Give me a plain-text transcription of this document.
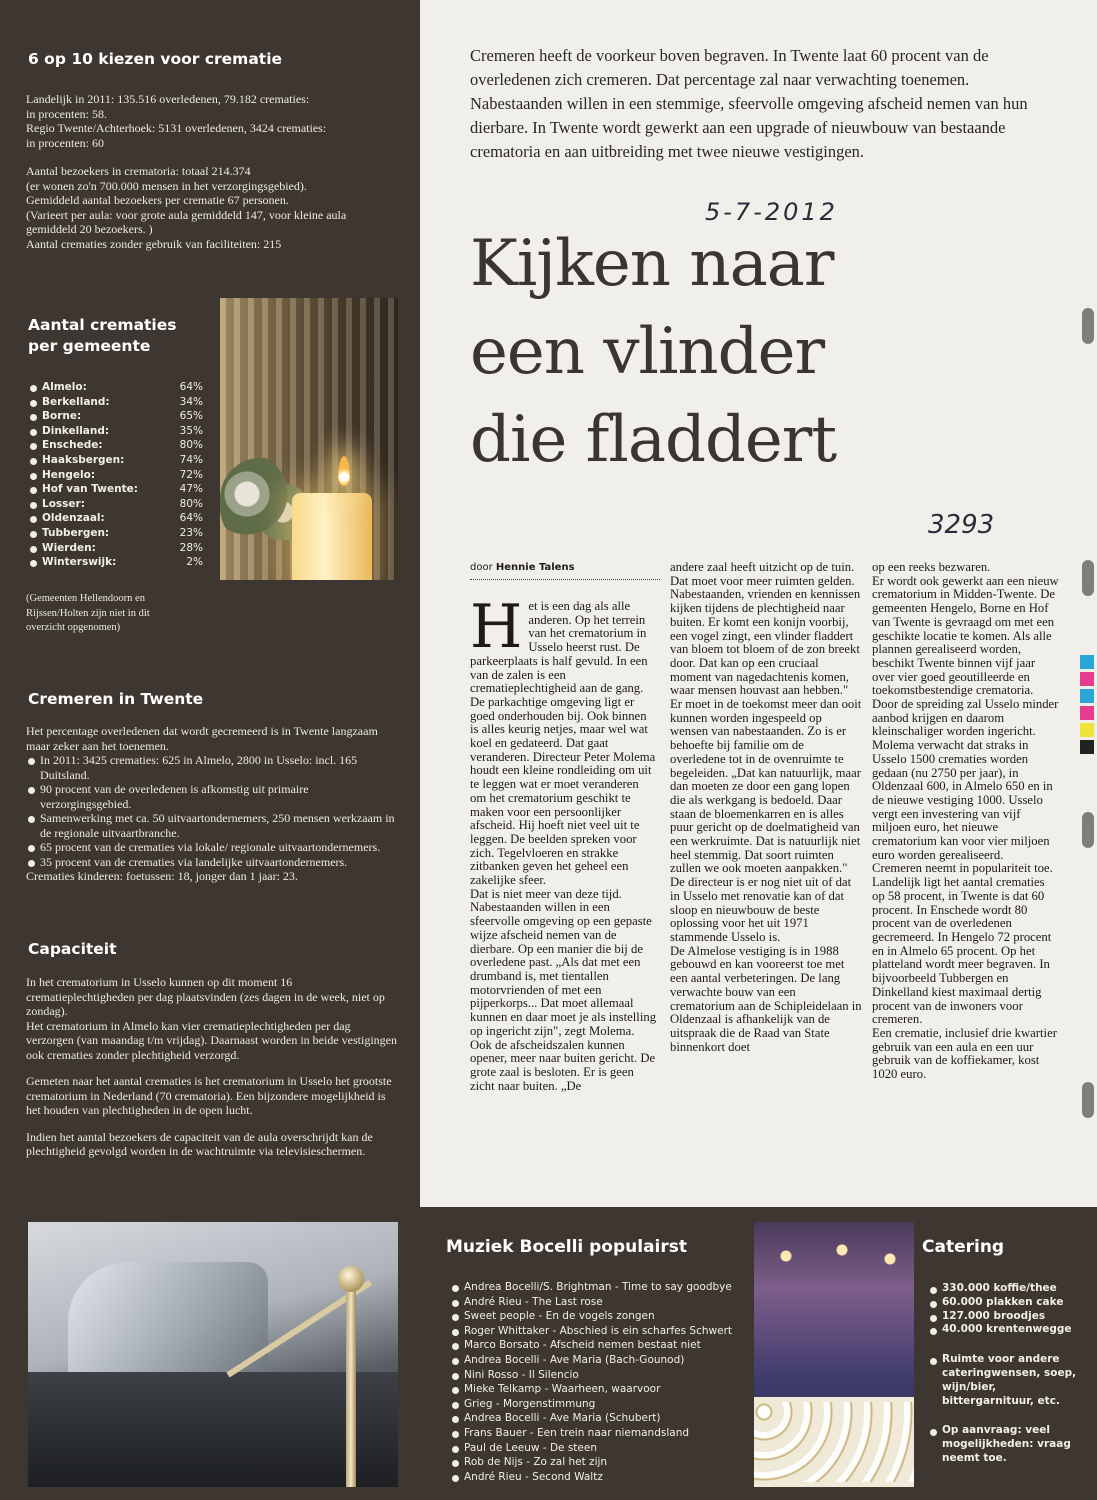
6 op 10 kiezen voor crematie

Landelijk in 2011: 135.516 overledenen, 79.182 crematies:

in procenten: 58.

Regio Twente/Achterhoek: 5131 overledenen, 3424 crematies:

in procenten: 60

Aantal bezoekers in crematoria: totaal 214.374

(er wonen zo'n 700.000 mensen in het verzorgingsgebied).

Gemiddeld aantal bezoekers per crematie 67 personen.

(Varieert per aula: voor grote aula gemiddeld 147, voor kleine aula

gemiddeld 20 bezoekers. )

Aantal crematies zonder gebruik van faciliteiten: 215

Aantal crematies
per gemeente
Almelo:	64%
Berkelland:	34%
Borne:	65%
Dinkelland:	35%
Enschede:	80%
Haaksbergen:	74%
Hengelo:	72%
Hof van Twente:	47%
Losser:	80%
Oldenzaal:	64%
Tubbergen:	23%
Wierden:	28%
Winterswijk:	2%

(Gemeenten Hellendoorn en

Rijssen/Holten zijn niet in dit

overzicht opgenomen)

Cremeren in Twente

Het percentage overledenen dat wordt gecremeerd is in Twente langzaam maar zeker aan het toenemen.

In 2011: 3425 crematies: 625 in Almelo, 2800 in Usselo: incl. 165 Duitsland.
90 procent van de overledenen is afkomstig uit primaire verzorgingsgebied.
Samenwerking met ca. 50 uitvaartondernemers, 250 mensen werkzaam in de regionale uitvaartbranche.
65 procent van de crematies via lokale/ regionale uitvaartondernemers.
35 procent van de crematies via landelijke uitvaartondernemers.

Crematies kinderen: foetussen: 18, jonger dan 1 jaar: 23.

Capaciteit

In het crematorium in Usselo kunnen op dit moment 16 crematieplechtigheden per dag plaatsvinden (zes dagen in de week, niet op zondag).

Het crematorium in Almelo kan vier crematieplechtigheden per dag verzorgen (van maandag t/m vrijdag). Daarnaast worden in beide vestigingen ook crematies zonder plechtigheid verzorgd.

Gemeten naar het aantal crematies is het crematorium in Usselo het grootste crematorium in Nederland (70 crematoria). Een bijzondere mogelijkheid is het houden van plechtigheden in de open lucht.

Indien het aantal bezoekers de capaciteit van de aula overschrijdt kan de plechtigheid gevolgd worden in de wachtruimte via televisieschermen.

Cremeren heeft de voorkeur boven begraven. In Twente laat 60 procent van de overledenen zich cremeren. Dat percentage zal naar verwachting toenemen. Nabestaanden willen in een stemmige, sfeervolle omgeving afscheid nemen van hun dierbare. In Twente wordt gewerkt aan een upgrade of nieuwbouw van bestaande crematoria en aan uitbreiding met twee nieuwe vestigingen.

5-7-2012
Kijken naar
een vlinder
die fladdert
3293
door Hennie Talens
H et is een dag als alle anderen. Op het terrein van het crematorium in Usselo heerst rust. De parkeerplaats is half gevuld. In een van de zalen is een crematieplechtigheid aan de gang. De parkachtige omgeving ligt er goed onderhouden bij. Ook binnen is alles keurig netjes, maar wel wat koel en gedateerd. Dat gaat veranderen. Directeur Peter Molema houdt een kleine rondleiding om uit te leggen wat er moet veranderen om het crematorium geschikt te maken voor een persoonlijker afscheid. Hij hoeft niet veel uit te leggen. De beelden spreken voor zich. Tegelvloeren en strakke zitbanken geven het geheel een zakelijke sfeer.
Dat is niet meer van deze tijd. Nabestaanden willen in een sfeervolle omgeving op een gepaste wijze afscheid nemen van de dierbare. Op een manier die bij de overledene past. „Als dat met een drumband is, met tientallen motorvrienden of met een pijperkorps... Dat moet allemaal kunnen en daar moet je als instelling op ingericht zijn", zegt Molema.
Ook de afscheidszalen kunnen opener, meer naar buiten gericht. De grote zaal is besloten. Er is geen zicht naar buiten. „De

andere zaal heeft uitzicht op de tuin. Dat moet voor meer ruimten gelden. Nabestaanden, vrienden en kennissen kijken tijdens de plechtigheid naar buiten. Er komt een konijn voorbij, een vogel zingt, een vlinder fladdert van bloem tot bloem of de zon breekt door. Dat kan op een cruciaal moment van nagedachtenis komen, waar mensen houvast aan hebben."
Er moet in de toekomst meer dan ooit kunnen worden ingespeeld op wensen van nabestaanden. Zo is er behoefte bij familie om de overledene tot in de ovenruimte te begeleiden. „Dat kan natuurlijk, maar dan moeten ze door een gang lopen die als werkgang is bedoeld. Daar staan de bloemenkarren en is alles puur gericht op de doelmatigheid van een werkruimte. Dat is natuurlijk niet heel stemmig. Dat soort ruimten zullen we ook moeten aanpakken."
De directeur is er nog niet uit of dat in Usselo met renovatie kan of dat sloop en nieuwbouw de beste oplossing voor het uit 1971 stammende Usselo is.
De Almelose vestiging is in 1988 gebouwd en kan vooreerst toe met een aantal verbeteringen. De lang verwachte bouw van een crematorium aan de Schipleidelaan in Oldenzaal is afhankelijk van de uitspraak die de Raad van State binnenkort doet

op een reeks bezwaren.
Er wordt ook gewerkt aan een nieuw crematorium in Midden-Twente. De gemeenten Hengelo, Borne en Hof van Twente is gevraagd om met een geschikte locatie te komen. Als alle plannen gerealiseerd worden, beschikt Twente binnen vijf jaar over vier goed geoutilleerde en toekomstbestendige crematoria.
Door de spreiding zal Usselo minder aanbod krijgen en daarom kleinschaliger worden ingericht. Molema verwacht dat straks in Usselo 1500 crematies worden gedaan (nu 2750 per jaar), in Oldenzaal 600, in Almelo 650 en in de nieuwe vestiging 1000. Usselo vergt een investering van vijf miljoen euro, het nieuwe crematorium kan voor vier miljoen euro worden gerealiseerd.
Cremeren neemt in populariteit toe. Landelijk ligt het aantal crematies op 58 procent, in Twente is dat 60 procent. In Enschede wordt 80 procent van de overledenen gecremeerd. In Hengelo 72 procent en in Almelo 65 procent. Op het platteland wordt meer begraven. In bijvoorbeeld Tubbergen en Dinkelland kiest maximaal dertig procent van de inwoners voor cremeren.
Een crematie, inclusief drie kwartier gebruik van een aula en een uur gebruik van de koffiekamer, kost 1020 euro.

Muziek Bocelli populairst
Andrea Bocelli/S. Brightman - Time to say goodbye
André Rieu - The Last rose
Sweet people - En de vogels zongen
Roger Whittaker - Abschied is ein scharfes Schwert
Marco Borsato - Afscheid nemen bestaat niet
Andrea Bocelli - Ave Maria (Bach-Gounod)
Nini Rosso - Il Silencio
Mieke Telkamp - Waarheen, waarvoor
Grieg - Morgenstimmung
Andrea Bocelli - Ave Maria (Schubert)
Frans Bauer - Een trein naar niemandsland
Paul de Leeuw - De steen
Rob de Nijs - Zo zal het zijn
André Rieu - Second Waltz
Catering
330.000 koffie/thee
60.000 plakken cake
127.000 broodjes
40.000 krentenweggе
Ruimte voor andere cateringwensen, soep, wijn/bier, bittergarnituur, etc.
Op aanvraag: veel mogelijkheden: vraag neemt toe.
